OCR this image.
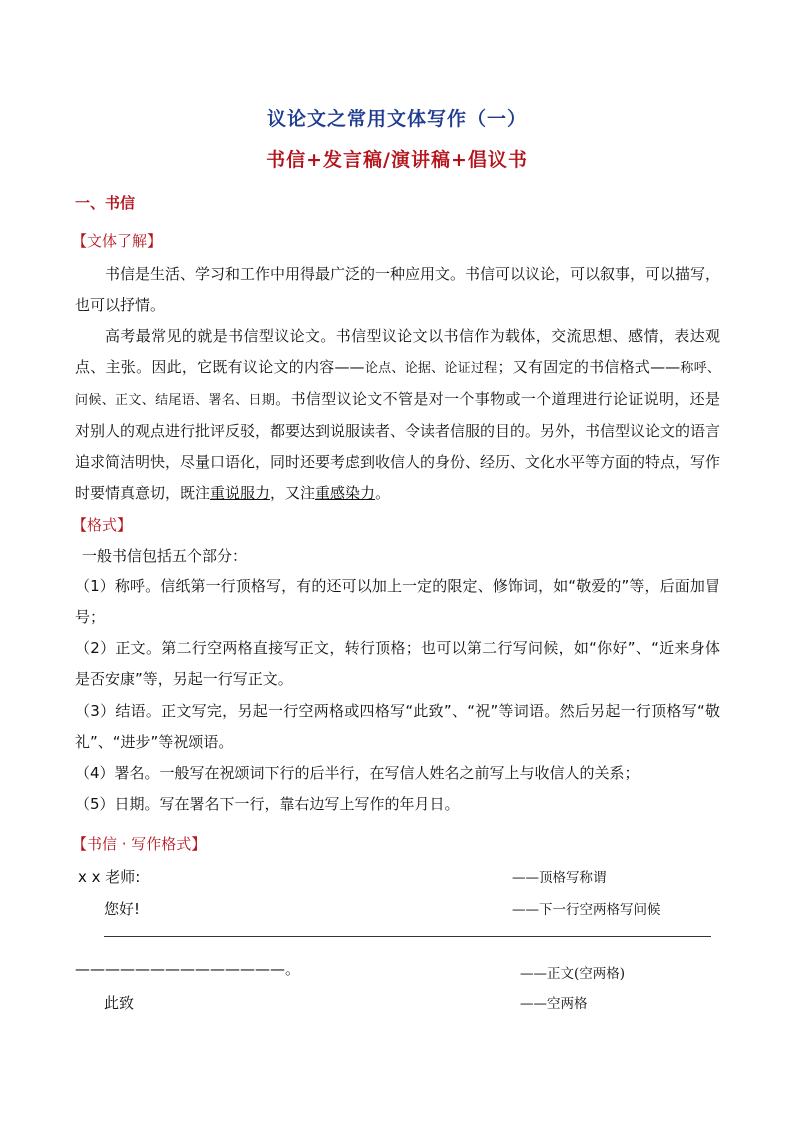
议论文之常用文体写作（一）
书信+发言稿/演讲稿+倡议书
一、书信
【文体了解】
书信是生活、学习和工作中用得最广泛的一种应用文。书信可以议论，可以叙事，可以描写，也可以抒情。
高考最常见的就是书信型议论文。书信型议论文以书信作为载体，交流思想、感情，表达观点、主张。因此，它既有议论文的内容——论点、论据、论证过程；又有固定的书信格式——称呼、问候、正文、结尾语、署名、日期。书信型议论文不管是对一个事物或一个道理进行论证说明，还是对别人的观点进行批评反驳，都要达到说服读者、令读者信服的目的。另外，书信型议论文的语言追求简洁明快，尽量口语化，同时还要考虑到收信人的身份、经历、文化水平等方面的特点，写作时要情真意切，既注重说服力，又注重感染力。
【格式】
一般书信包括五个部分：
（1）称呼。信纸第一行顶格写，有的还可以加上一定的限定、修饰词，如“敬爱的”等，后面加冒号；
（2）正文。第二行空两格直接写正文，转行顶格；也可以第二行写问候，如“你好”、“近来身体是否安康”等，另起一行写正文。
（3）结语。正文写完，另起一行空两格或四格写“此致”、“祝”等词语。然后另起一行顶格写“敬礼”、“进步”等祝颂语。
（4）署名。一般写在祝颂词下行的后半行，在写信人姓名之前写上与收信人的关系；
（5）日期。写在署名下一行，靠右边写上写作的年月日。
【书信 · 写作格式】
x x 老师:	——顶格写称谓
您好!	——下一行空两格写问候
——————————————。	——正文(空两格)
此致	——空两格
